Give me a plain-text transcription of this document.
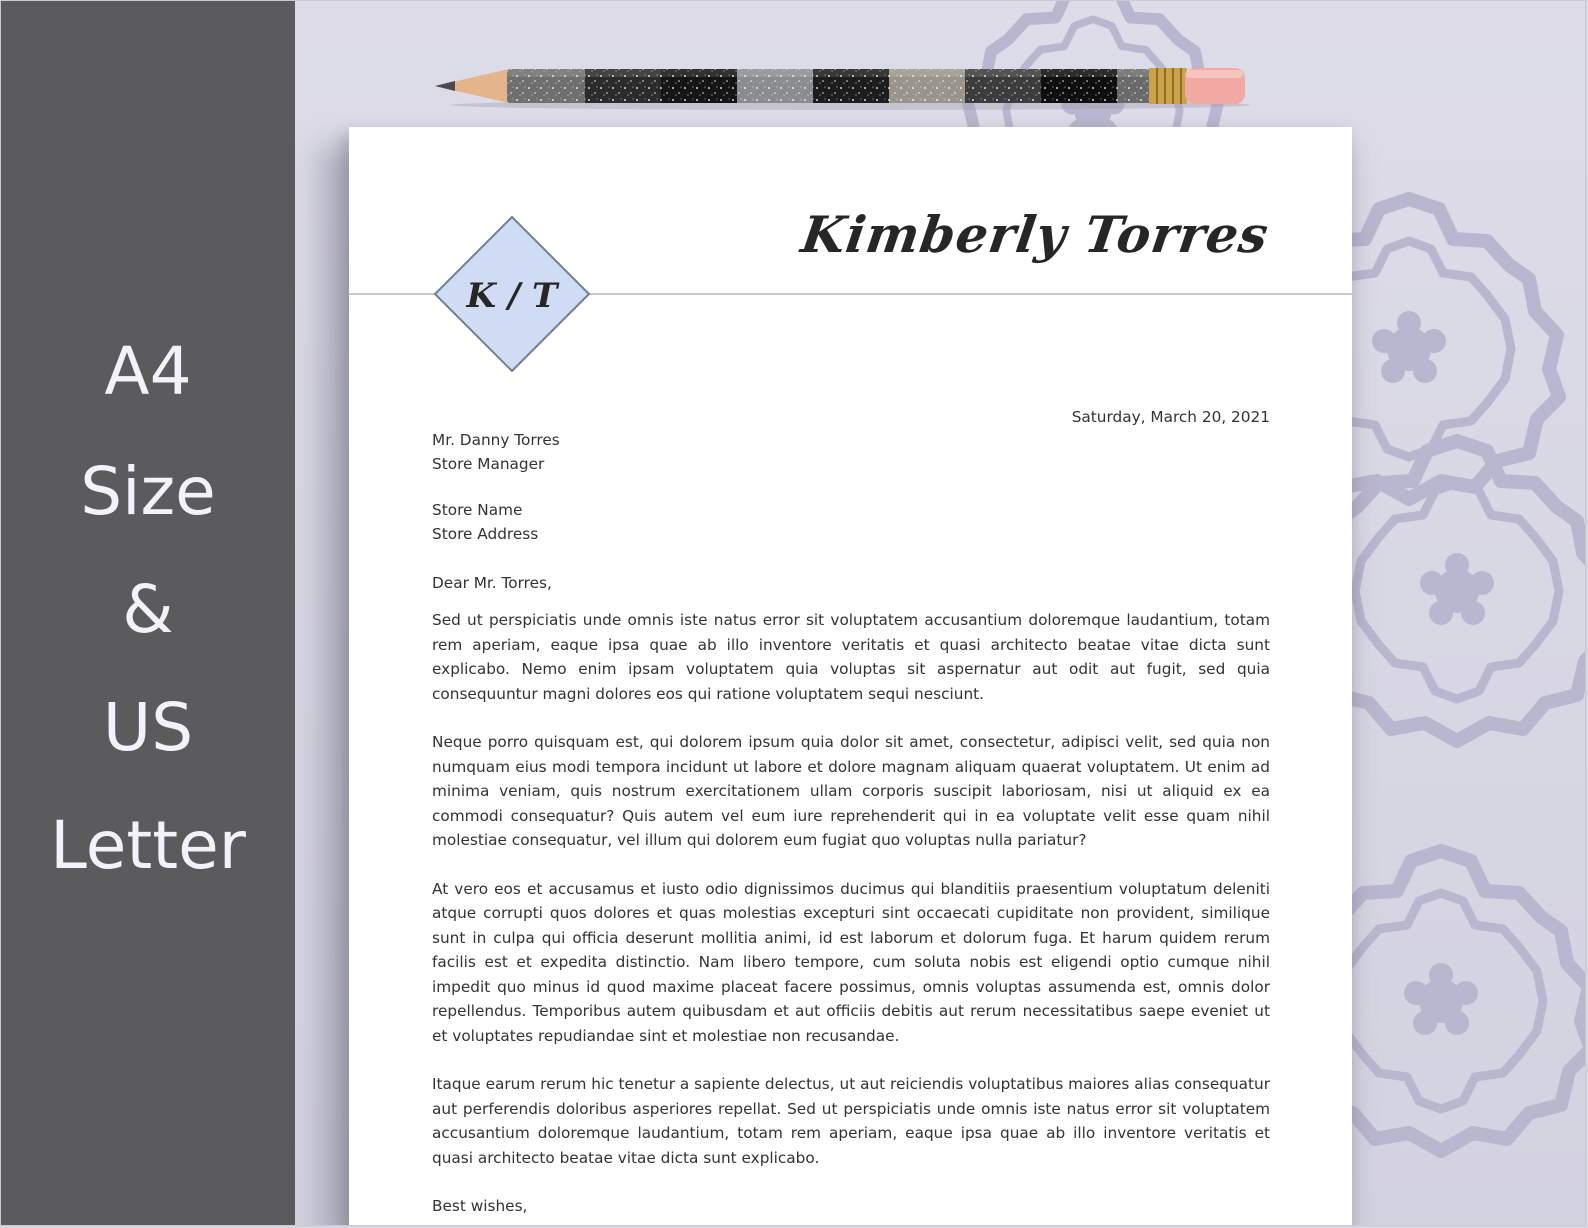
A4
Size
&
US
Letter
K / T
Kimberly Torres
Saturday, March 20, 2021
Mr. Danny Torres
Store Manager
Store Name
Store Address
Dear Mr. Torres,

Sed ut perspiciatis unde omnis iste natus error sit voluptatem accusantium doloremque laudantium, totam rem aperiam, eaque ipsa quae ab illo inventore veritatis et quasi architecto beatae vitae dicta sunt explicabo. Nemo enim ipsam voluptatem quia voluptas sit aspernatur aut odit aut fugit, sed quia consequuntur magni dolores eos qui ratione voluptatem sequi nesciunt.

Neque porro quisquam est, qui dolorem ipsum quia dolor sit amet, consectetur, adipisci velit, sed quia non numquam eius modi tempora incidunt ut labore et dolore magnam aliquam quaerat voluptatem. Ut enim ad minima veniam, quis nostrum exercitationem ullam corporis suscipit laboriosam, nisi ut aliquid ex ea commodi consequatur? Quis autem vel eum iure reprehenderit qui in ea voluptate velit esse quam nihil molestiae consequatur, vel illum qui dolorem eum fugiat quo voluptas nulla pariatur?

At vero eos et accusamus et iusto odio dignissimos ducimus qui blanditiis praesentium voluptatum deleniti atque corrupti quos dolores et quas molestias excepturi sint occaecati cupiditate non provident, similique sunt in culpa qui officia deserunt mollitia animi, id est laborum et dolorum fuga. Et harum quidem rerum facilis est et expedita distinctio. Nam libero tempore, cum soluta nobis est eligendi optio cumque nihil impedit quo minus id quod maxime placeat facere possimus, omnis voluptas assumenda est, omnis dolor repellendus. Temporibus autem quibusdam et aut officiis debitis aut rerum necessitatibus saepe eveniet ut et voluptates repudiandae sint et molestiae non recusandae.

Itaque earum rerum hic tenetur a sapiente delectus, ut aut reiciendis voluptatibus maiores alias consequatur aut perferendis doloribus asperiores repellat. Sed ut perspiciatis unde omnis iste natus error sit voluptatem accusantium doloremque laudantium, totam rem aperiam, eaque ipsa quae ab illo inventore veritatis et quasi architecto beatae vitae dicta sunt explicabo.

Best wishes,
